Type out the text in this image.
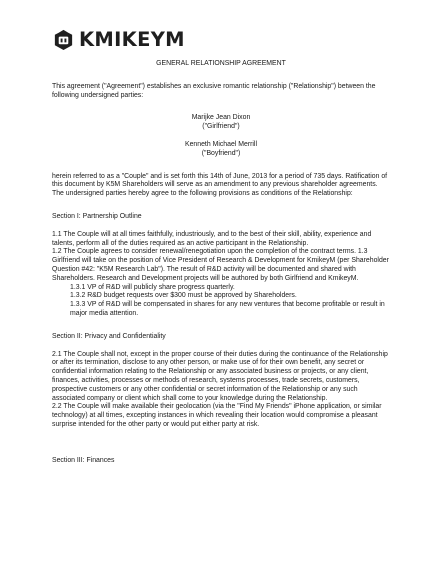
KMIKEYM

GENERAL RELATIONSHIP AGREEMENT

This agreement ("Agreement") establishes an exclusive romantic relationship ("Relationship") between the following undersigned parties:

Marijke Jean Dixon

("Girlfriend")

Kenneth Michael Merrill

("Boyfriend")

herein referred to as a "Couple" and is set forth this 14th of June, 2013 for a period of 735 days. Ratification of this document by K5M Shareholders will serve as an amendment to any previous shareholder agreements. The undersigned parties hereby agree to the following provisions as conditions of the Relationship:

Section I: Partnership Outline

1.1 The Couple will at all times faithfully, industriously, and to the best of their skill, ability, experience and talents, perform all of the duties required as an active participant in the Relationship.

1.2 The Couple agrees to consider renewal/renegotiation upon the completion of the contract terms. 1.3 Girlfriend will take on the position of Vice President of Research & Development for KmikeyM (per Shareholder Question #42: "K5M Research Lab"). The result of R&D activity will be documented and shared with Shareholders. Research and Development projects will be authored by both Girlfriend and KmikeyM.

1.3.1 VP of R&D will publicly share progress quarterly.

1.3.2 R&D budget requests over $300 must be approved by Shareholders.

1.3.3 VP of R&D will be compensated in shares for any new ventures that become profitable or result in major media attention.

Section II: Privacy and Confidentiality

2.1 The Couple shall not, except in the proper course of their duties during the continuance of the Relationship or after its termination, disclose to any other person, or make use of for their own benefit, any secret or confidential information relating to the Relationship or any associated business or projects, or any client, finances, activities, processes or methods of research, systems processes, trade secrets, customers, prospective customers or any other confidential or secret information of the Relationship or any such associated company or client which shall come to your knowledge during the Relationship.

2.2 The Couple will make available their geolocation (via the "Find My Friends" iPhone application, or similar technology) at all times, excepting instances in which revealing their location would compromise a pleasant surprise intended for the other party or would put either party at risk.

Section III: Finances
